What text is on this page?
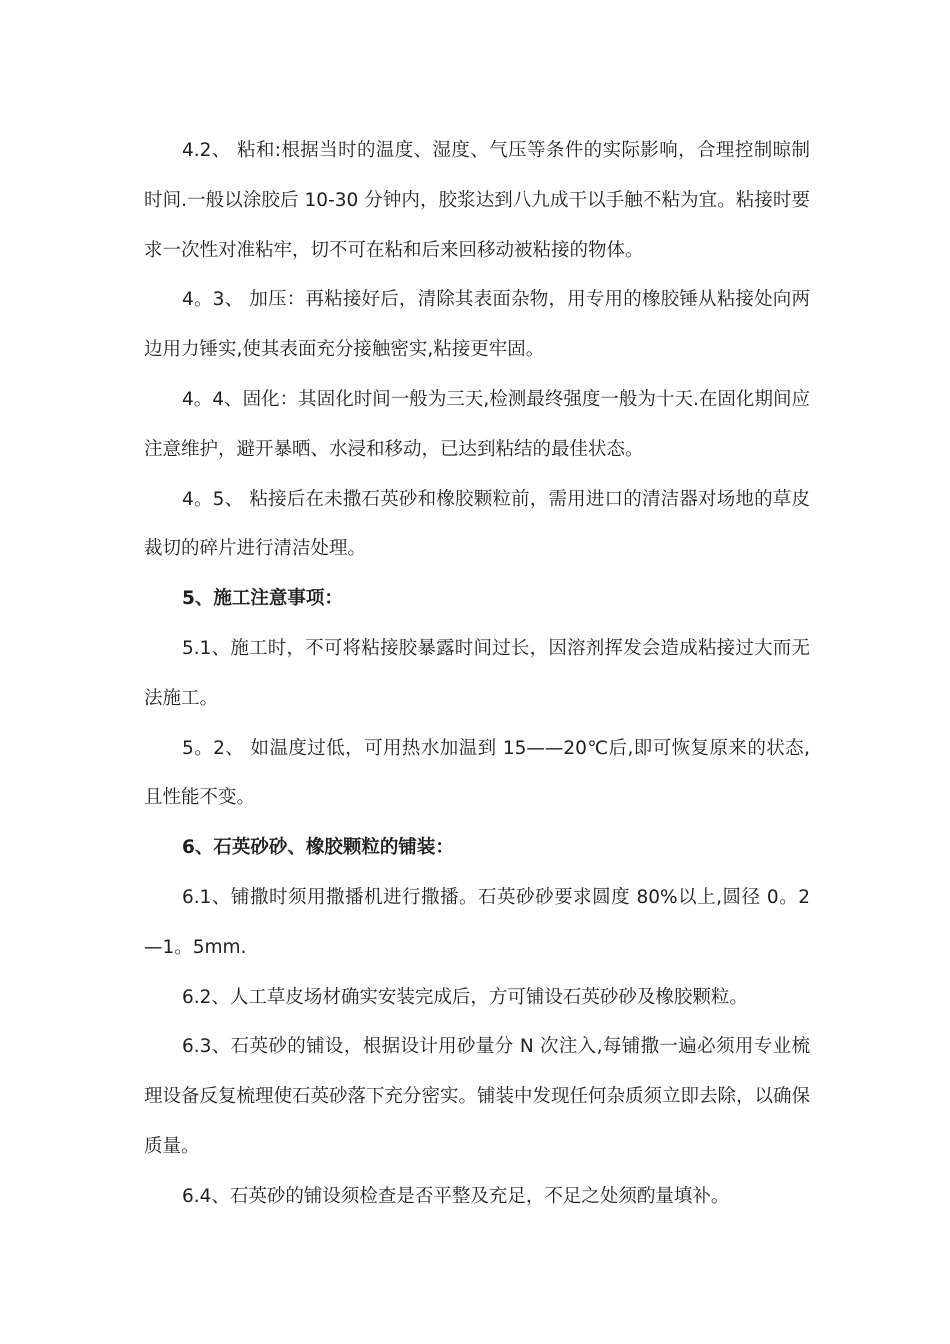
4.2、 粘和:根据当时的温度、湿度、气压等条件的实际影响，合理控制晾制时间.一般以涂胶后 10-30 分钟内，胶浆达到八九成干以手触不粘为宜。粘接时要求一次性对准粘牢，切不可在粘和后来回移动被粘接的物体。

4。3、 加压：再粘接好后，清除其表面杂物，用专用的橡胶锤从粘接处向两边用力锤实,使其表面充分接触密实,粘接更牢固。

4。4、固化：其固化时间一般为三天,检测最终强度一般为十天.在固化期间应注意维护，避开暴晒、水浸和移动，已达到粘结的最佳状态。

4。5、 粘接后在未撒石英砂和橡胶颗粒前，需用进口的清洁器对场地的草皮裁切的碎片进行清洁处理。

5、施工注意事项：

5.1、施工时，不可将粘接胶暴露时间过长，因溶剂挥发会造成粘接过大而无法施工。

5。2、 如温度过低，可用热水加温到 15——20℃后,即可恢复原来的状态,且性能不变。

6、石英砂砂、橡胶颗粒的铺装：

6.1、铺撒时须用撒播机进行撒播。石英砂砂要求圆度 80%以上,圆径 0。2—1。5mm.

6.2、人工草皮场材确实安装完成后，方可铺设石英砂砂及橡胶颗粒。

6.3、石英砂的铺设，根据设计用砂量分 N 次注入,每铺撒一遍必须用专业梳理设备反复梳理使石英砂落下充分密实。铺装中发现任何杂质须立即去除，以确保质量。

6.4、石英砂的铺设须检查是否平整及充足，不足之处须酌量填补。
